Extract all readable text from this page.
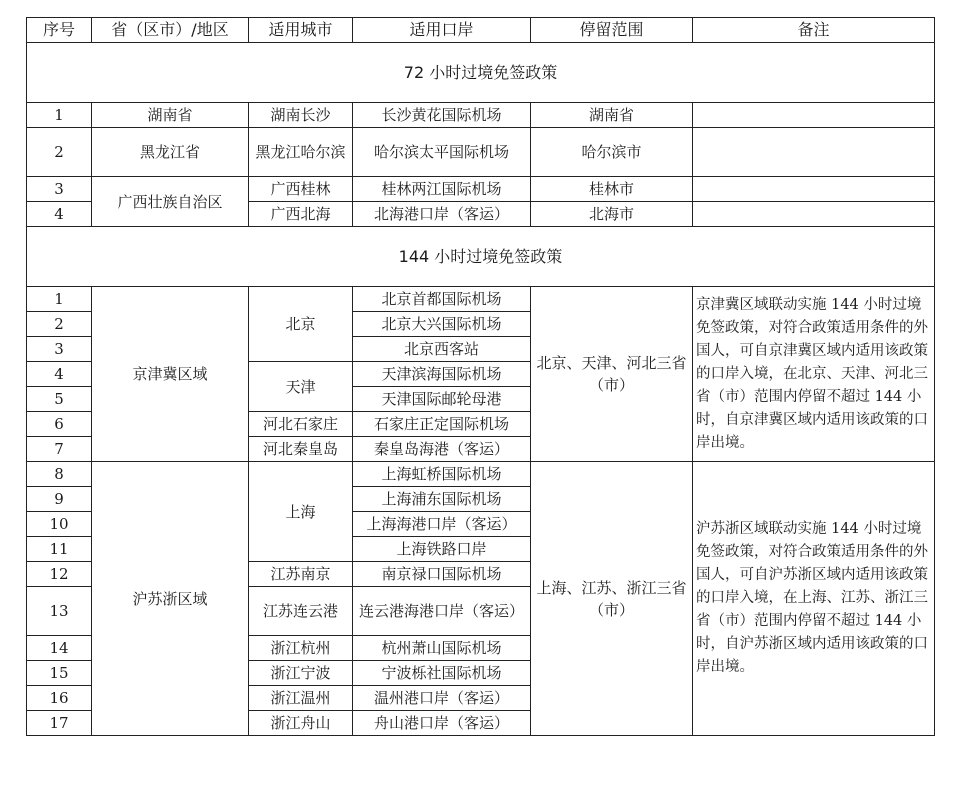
序号	省（区市）/地区	适用城市	适用口岸	停留范围	备注
72 小时过境免签政策					
1	湖南省	湖南长沙	长沙黄花国际机场	湖南省	
2	黑龙江省	黑龙江哈尔滨	哈尔滨太平国际机场	哈尔滨市	
3	广西壮族自治区	广西桂林	桂林两江国际机场	桂林市	
4		广西北海	北海港口岸（客运）	北海市	
144 小时过境免签政策					
1	京津冀区域	北京	北京首都国际机场	北京、天津、河北三省（市）	京津冀区域联动实施 144 小时过境免签政策，对符合政策适用条件的外国人，可自京津冀区域内适用该政策的口岸入境，在北京、天津、河北三省（市）范围内停留不超过 144 小时，自京津冀区域内适用该政策的口岸出境。
2			北京大兴国际机场		
3			北京西客站		
4		天津	天津滨海国际机场		
5			天津国际邮轮母港		
6		河北石家庄	石家庄正定国际机场		
7		河北秦皇岛	秦皇岛海港（客运）		
8	沪苏浙区域	上海	上海虹桥国际机场	上海、江苏、浙江三省（市）	沪苏浙区域联动实施 144 小时过境免签政策，对符合政策适用条件的外国人，可自沪苏浙区域内适用该政策的口岸入境，在上海、江苏、浙江三省（市）范围内停留不超过 144 小时，自沪苏浙区域内适用该政策的口岸出境。
9			上海浦东国际机场		
10			上海海港口岸（客运）		
11			上海铁路口岸		
12		江苏南京	南京禄口国际机场		
13		江苏连云港	连云港海港口岸（客运）		
14		浙江杭州	杭州萧山国际机场		
15		浙江宁波	宁波栎社国际机场		
16		浙江温州	温州港口岸（客运）		
17		浙江舟山	舟山港口岸（客运）		
